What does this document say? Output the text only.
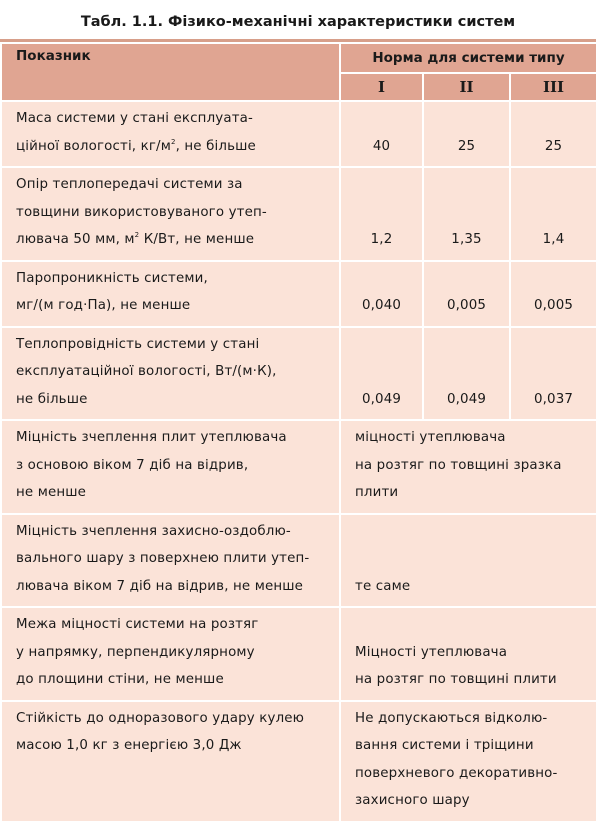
Табл. 1.1. Фізико-механічні характеристики систем
Показник	Норма для системи типу		
	I	II	III

Маса системи у стані експлуата-
ційної вологості, $кг/м^2$, не більше	40	25	25

Опір теплопередачі системи за
товщини використовуваного утеп-
лювача 50 мм, $м^2$ К/Вт, не менше	1,2	1,35	1,4

Паропроникність системи,
мг/(м год·Па), не менше	0,040	0,005	0,005

Теплопровідність системи у стані
експлуатаційної вологості, Вт/(м·К),
не більше	0,049	0,049	0,037

Міцність зчеплення плит утеплювача
з основою віком 7 діб на відрив,
не менше	міцності утеплювача
на розтяг по товщині зразка
плити		

Міцність зчеплення захисно-оздоблю-
вального шару з поверхнею плити утеп-
лювача віком 7 діб на відрив, не менше	те саме		

Межа міцності системи на розтяг
у напрямку, перпендикулярному
до площини стіни, не менше	Міцності утеплювача
на розтяг по товщині плити		

Стійкість до одноразового удару кулею
масою 1,0 кг з енергією 3,0 Дж	Не допускаються відколю-
вання системи і тріщини
поверхневого декоративно-
захисного шару		
